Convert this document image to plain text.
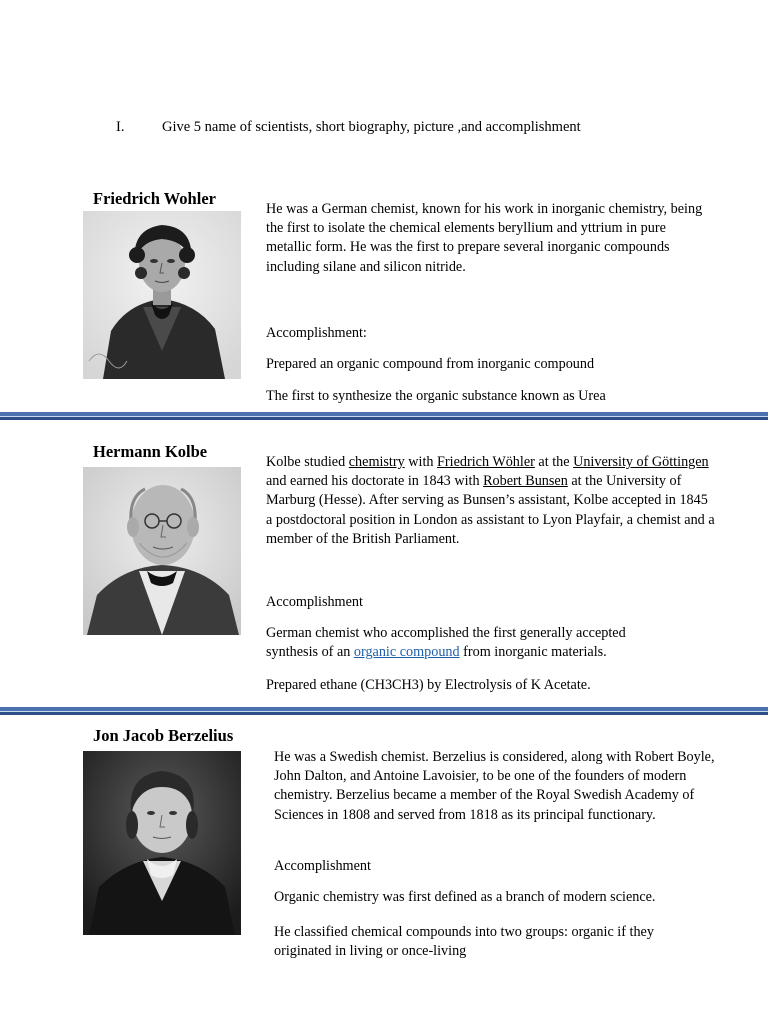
I.	Give 5 name of scientists, short biography, picture ,and accomplishment
Friedrich Wohler

He was a German chemist, known for his work in inorganic chemistry, being the first to isolate the chemical elements beryllium and yttrium in pure metallic form. He was the first to prepare several inorganic compounds including silane and silicon nitride.

Accomplishment:
Prepared an organic compound from inorganic compound
The first to synthesize the organic substance known as Urea
Hermann Kolbe

Kolbe studied chemistry with Friedrich Wöhler at the University of Göttingen and earned his doctorate in 1843 with Robert Bunsen at the University of Marburg (Hesse). After serving as Bunsen’s assistant, Kolbe accepted in 1845 a postdoctoral position in London as assistant to Lyon Playfair, a chemist and a member of the British Parliament.

Accomplishment

German chemist who accomplished the first generally accepted synthesis of an organic compound from inorganic materials.

Prepared ethane (CH3CH3) by Electrolysis of K Acetate.
Jon Jacob Berzelius

He was a Swedish chemist. Berzelius is considered, along with Robert Boyle, John Dalton, and Antoine Lavoisier, to be one of the founders of modern chemistry. Berzelius became a member of the Royal Swedish Academy of Sciences in 1808 and served from 1818 as its principal functionary.

Accomplishment
Organic chemistry was first defined as a branch of modern science.
He classified chemical compounds into two groups: organic if they originated in living or once-living
